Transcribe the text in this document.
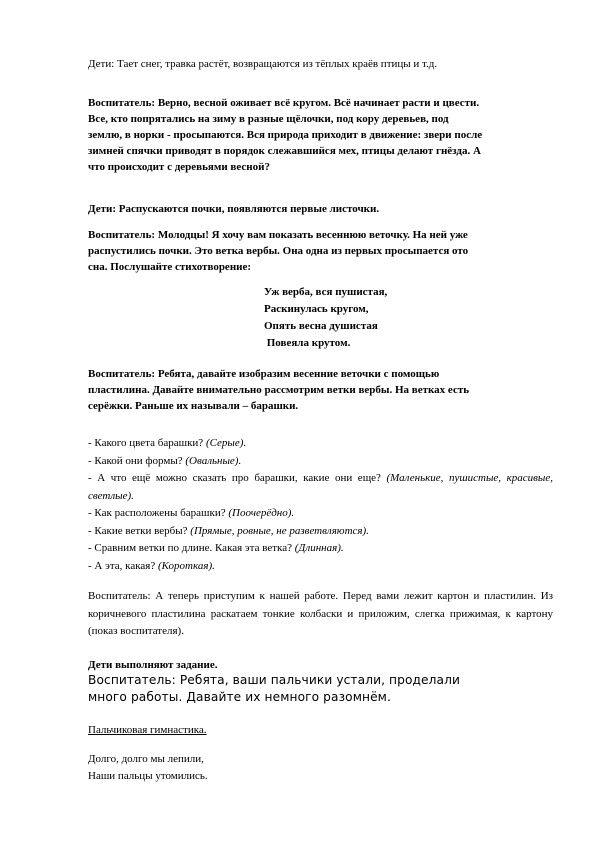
Дети: Тает снег, травка растёт, возвращаются из тёплых краёв птицы и т.д.

Воспитатель: Верно, весной оживает всё кругом. Всё начинает расти и цвести.

Все, кто попрятались на зиму в разные щёлочки, под кору деревьев, под

землю, в норки - просыпаются. Вся природа приходит в движение: звери после

зимней спячки приводят в порядок слежавшийся мех, птицы делают гнёзда. А

что происходит с деревьями весной?

Дети: Распускаются почки, появляются первые листочки.

Воспитатель: Молодцы! Я хочу вам показать весеннюю веточку. На ней уже

распустились почки. Это ветка вербы. Она одна из первых просыпается ото

сна. Послушайте стихотворение:

Уж верба, вся пушистая,

Раскинулась кругом,

Опять весна душистая

Повеяла крутом.

Воспитатель: Ребята, давайте изобразим весенние веточки с помощью

пластилина. Давайте внимательно рассмотрим ветки вербы. На ветках есть

серёжки. Раньше их называли – барашки.

- Какого цвета барашки? (Серые).

- Какой они формы? (Овальные).

- А что ещё можно сказать про барашки, какие они еще? (Маленькие, пушистые, красивые, светлые).

- Как расположены барашки? (Поочерёдно).

- Какие ветки вербы? (Прямые, ровные, не разветвляются).

- Сравним ветки по длине. Какая эта ветка? (Длинная).

- А эта, какая? (Короткая).

Воспитатель: А теперь приступим к нашей работе. Перед вами лежит картон и пластилин. Из коричневого пластилина раскатаем тонкие колбаски и приложим, слегка прижимая, к картону (показ воспитателя).

Дети выполняют задание.

Воспитатель: Ребята, ваши пальчики устали, проделали

много работы. Давайте их немного разомнём.

Пальчиковая гимнастика.

Долго, долго мы лепили,

Наши пальцы утомились.
